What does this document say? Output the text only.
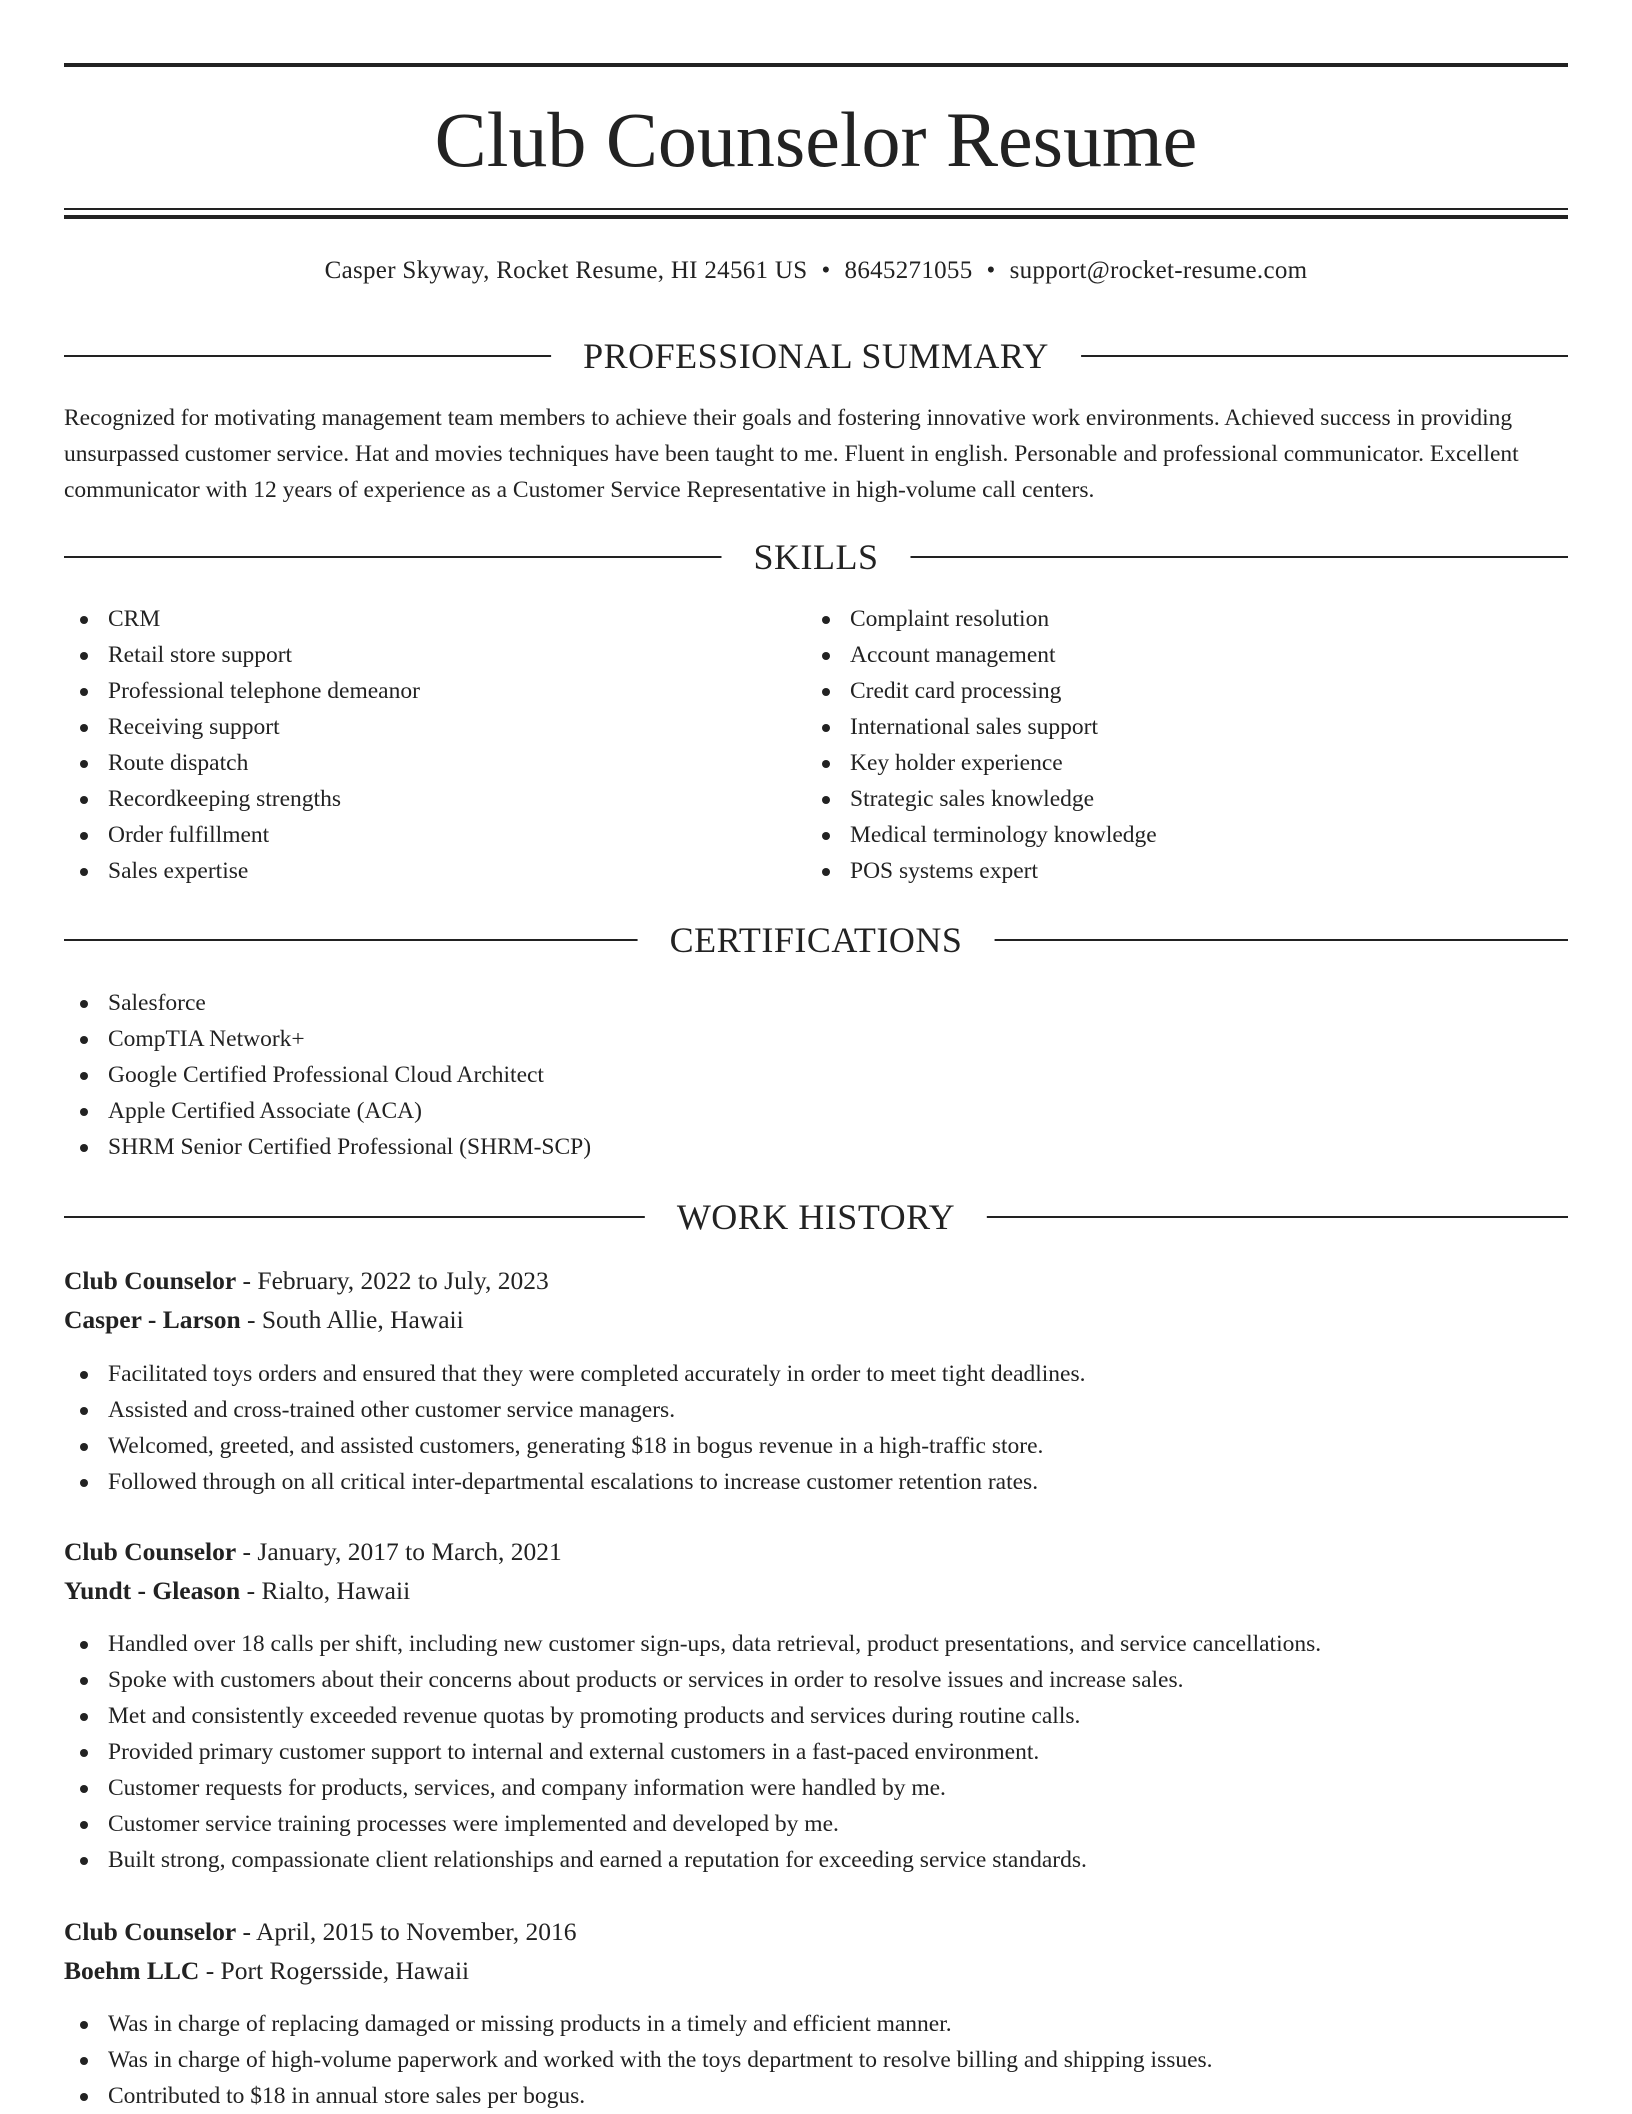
Club Counselor Resume
Casper Skyway, Rocket Resume, HI 24561 US • 8645271055 • support@rocket-resume.com
PROFESSIONAL SUMMARY

Recognized for motivating management team members to achieve their goals and fostering innovative work environments. Achieved success in providing unsurpassed customer service. Hat and movies techniques have been taught to me. Fluent in english. Personable and professional communicator. Excellent communicator with 12 years of experience as a Customer Service Representative in high-volume call centers.

SKILLS
CRM
Retail store support
Professional telephone demeanor
Receiving support
Route dispatch
Recordkeeping strengths
Order fulfillment
Sales expertise
Complaint resolution
Account management
Credit card processing
International sales support
Key holder experience
Strategic sales knowledge
Medical terminology knowledge
POS systems expert
CERTIFICATIONS
Salesforce
CompTIA Network+
Google Certified Professional Cloud Architect
Apple Certified Associate (ACA)
SHRM Senior Certified Professional (SHRM-SCP)
WORK HISTORY
Club Counselor - February, 2022 to July, 2023
Casper - Larson - South Allie, Hawaii
Facilitated toys orders and ensured that they were completed accurately in order to meet tight deadlines.
Assisted and cross-trained other customer service managers.
Welcomed, greeted, and assisted customers, generating $18 in bogus revenue in a high-traffic store.
Followed through on all critical inter-departmental escalations to increase customer retention rates.
Club Counselor - January, 2017 to March, 2021
Yundt - Gleason - Rialto, Hawaii
Handled over 18 calls per shift, including new customer sign-ups, data retrieval, product presentations, and service cancellations.
Spoke with customers about their concerns about products or services in order to resolve issues and increase sales.
Met and consistently exceeded revenue quotas by promoting products and services during routine calls.
Provided primary customer support to internal and external customers in a fast-paced environment.
Customer requests for products, services, and company information were handled by me.
Customer service training processes were implemented and developed by me.
Built strong, compassionate client relationships and earned a reputation for exceeding service standards.
Club Counselor - April, 2015 to November, 2016
Boehm LLC - Port Rogersside, Hawaii
Was in charge of replacing damaged or missing products in a timely and efficient manner.
Was in charge of high-volume paperwork and worked with the toys department to resolve billing and shipping issues.
Contributed to $18 in annual store sales per bogus.
